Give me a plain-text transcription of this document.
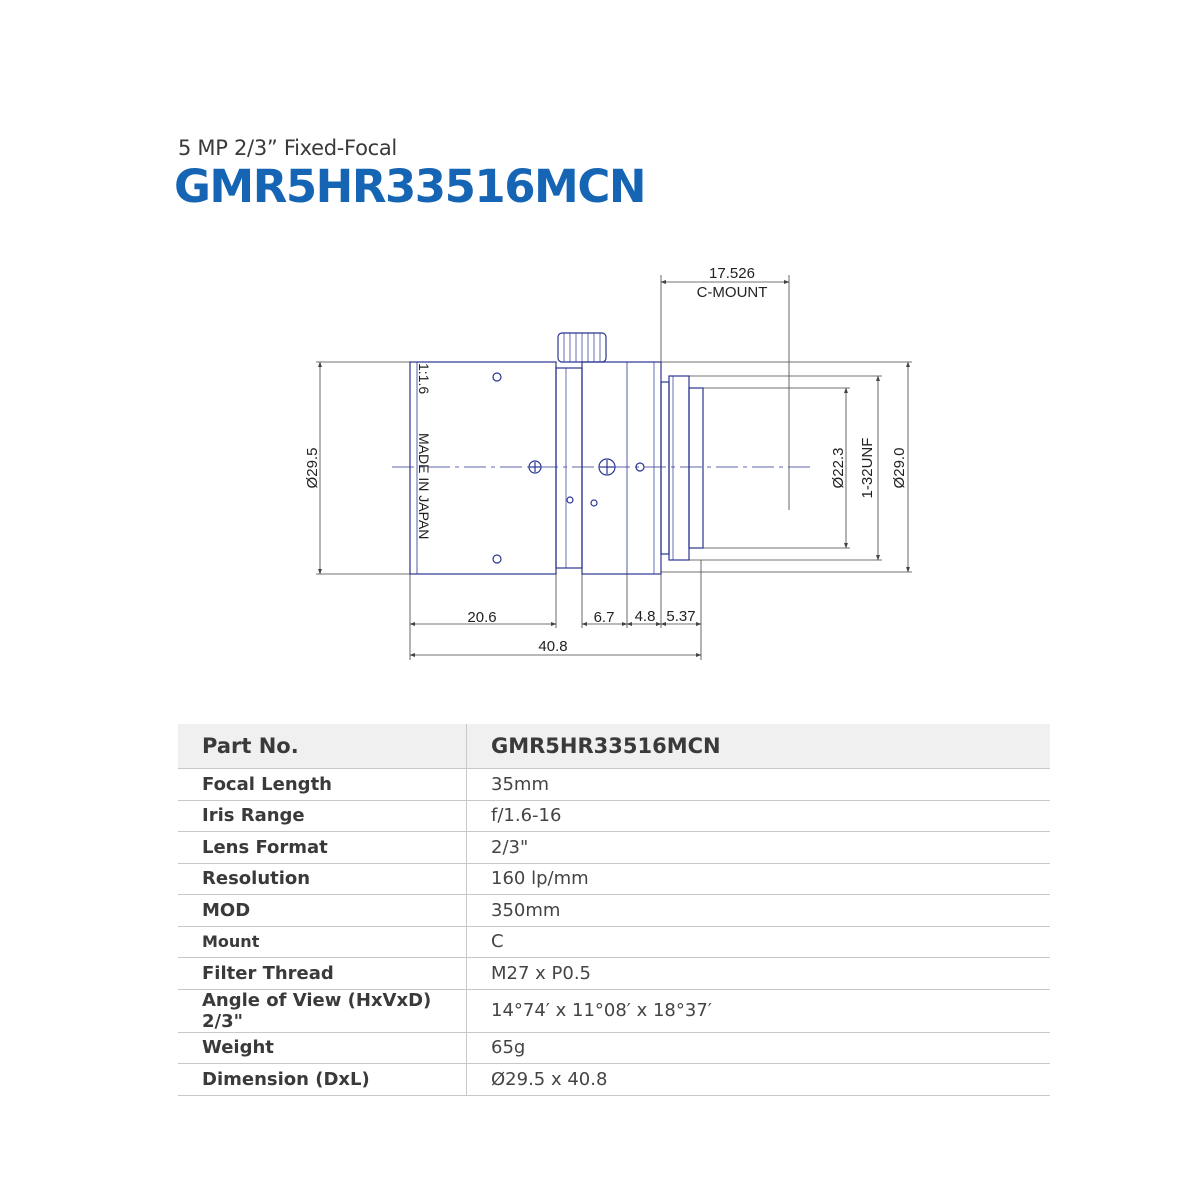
5 MP 2/3” Fixed-Focal
GMR5HR33516MCN
17.526
C-MOUNT
Ø29.5	Ø22.3 1-32UNF Ø29.0
20.6	6.7 4.8 5.37
40.8
1:1.6
MADE IN JAPAN
Part No.	GMR5HR33516MCN
Focal Length	35mm
Iris Range	f/1.6-16
Lens Format	2/3"
Resolution	160 lp/mm
MOD	350mm
Mount	C
Filter Thread	M27 x P0.5
Angle of View (HxVxD) 2/3"	14°74′ x 11°08′ x 18°37′
Weight	65g
Dimension (DxL)	Ø29.5 x 40.8
